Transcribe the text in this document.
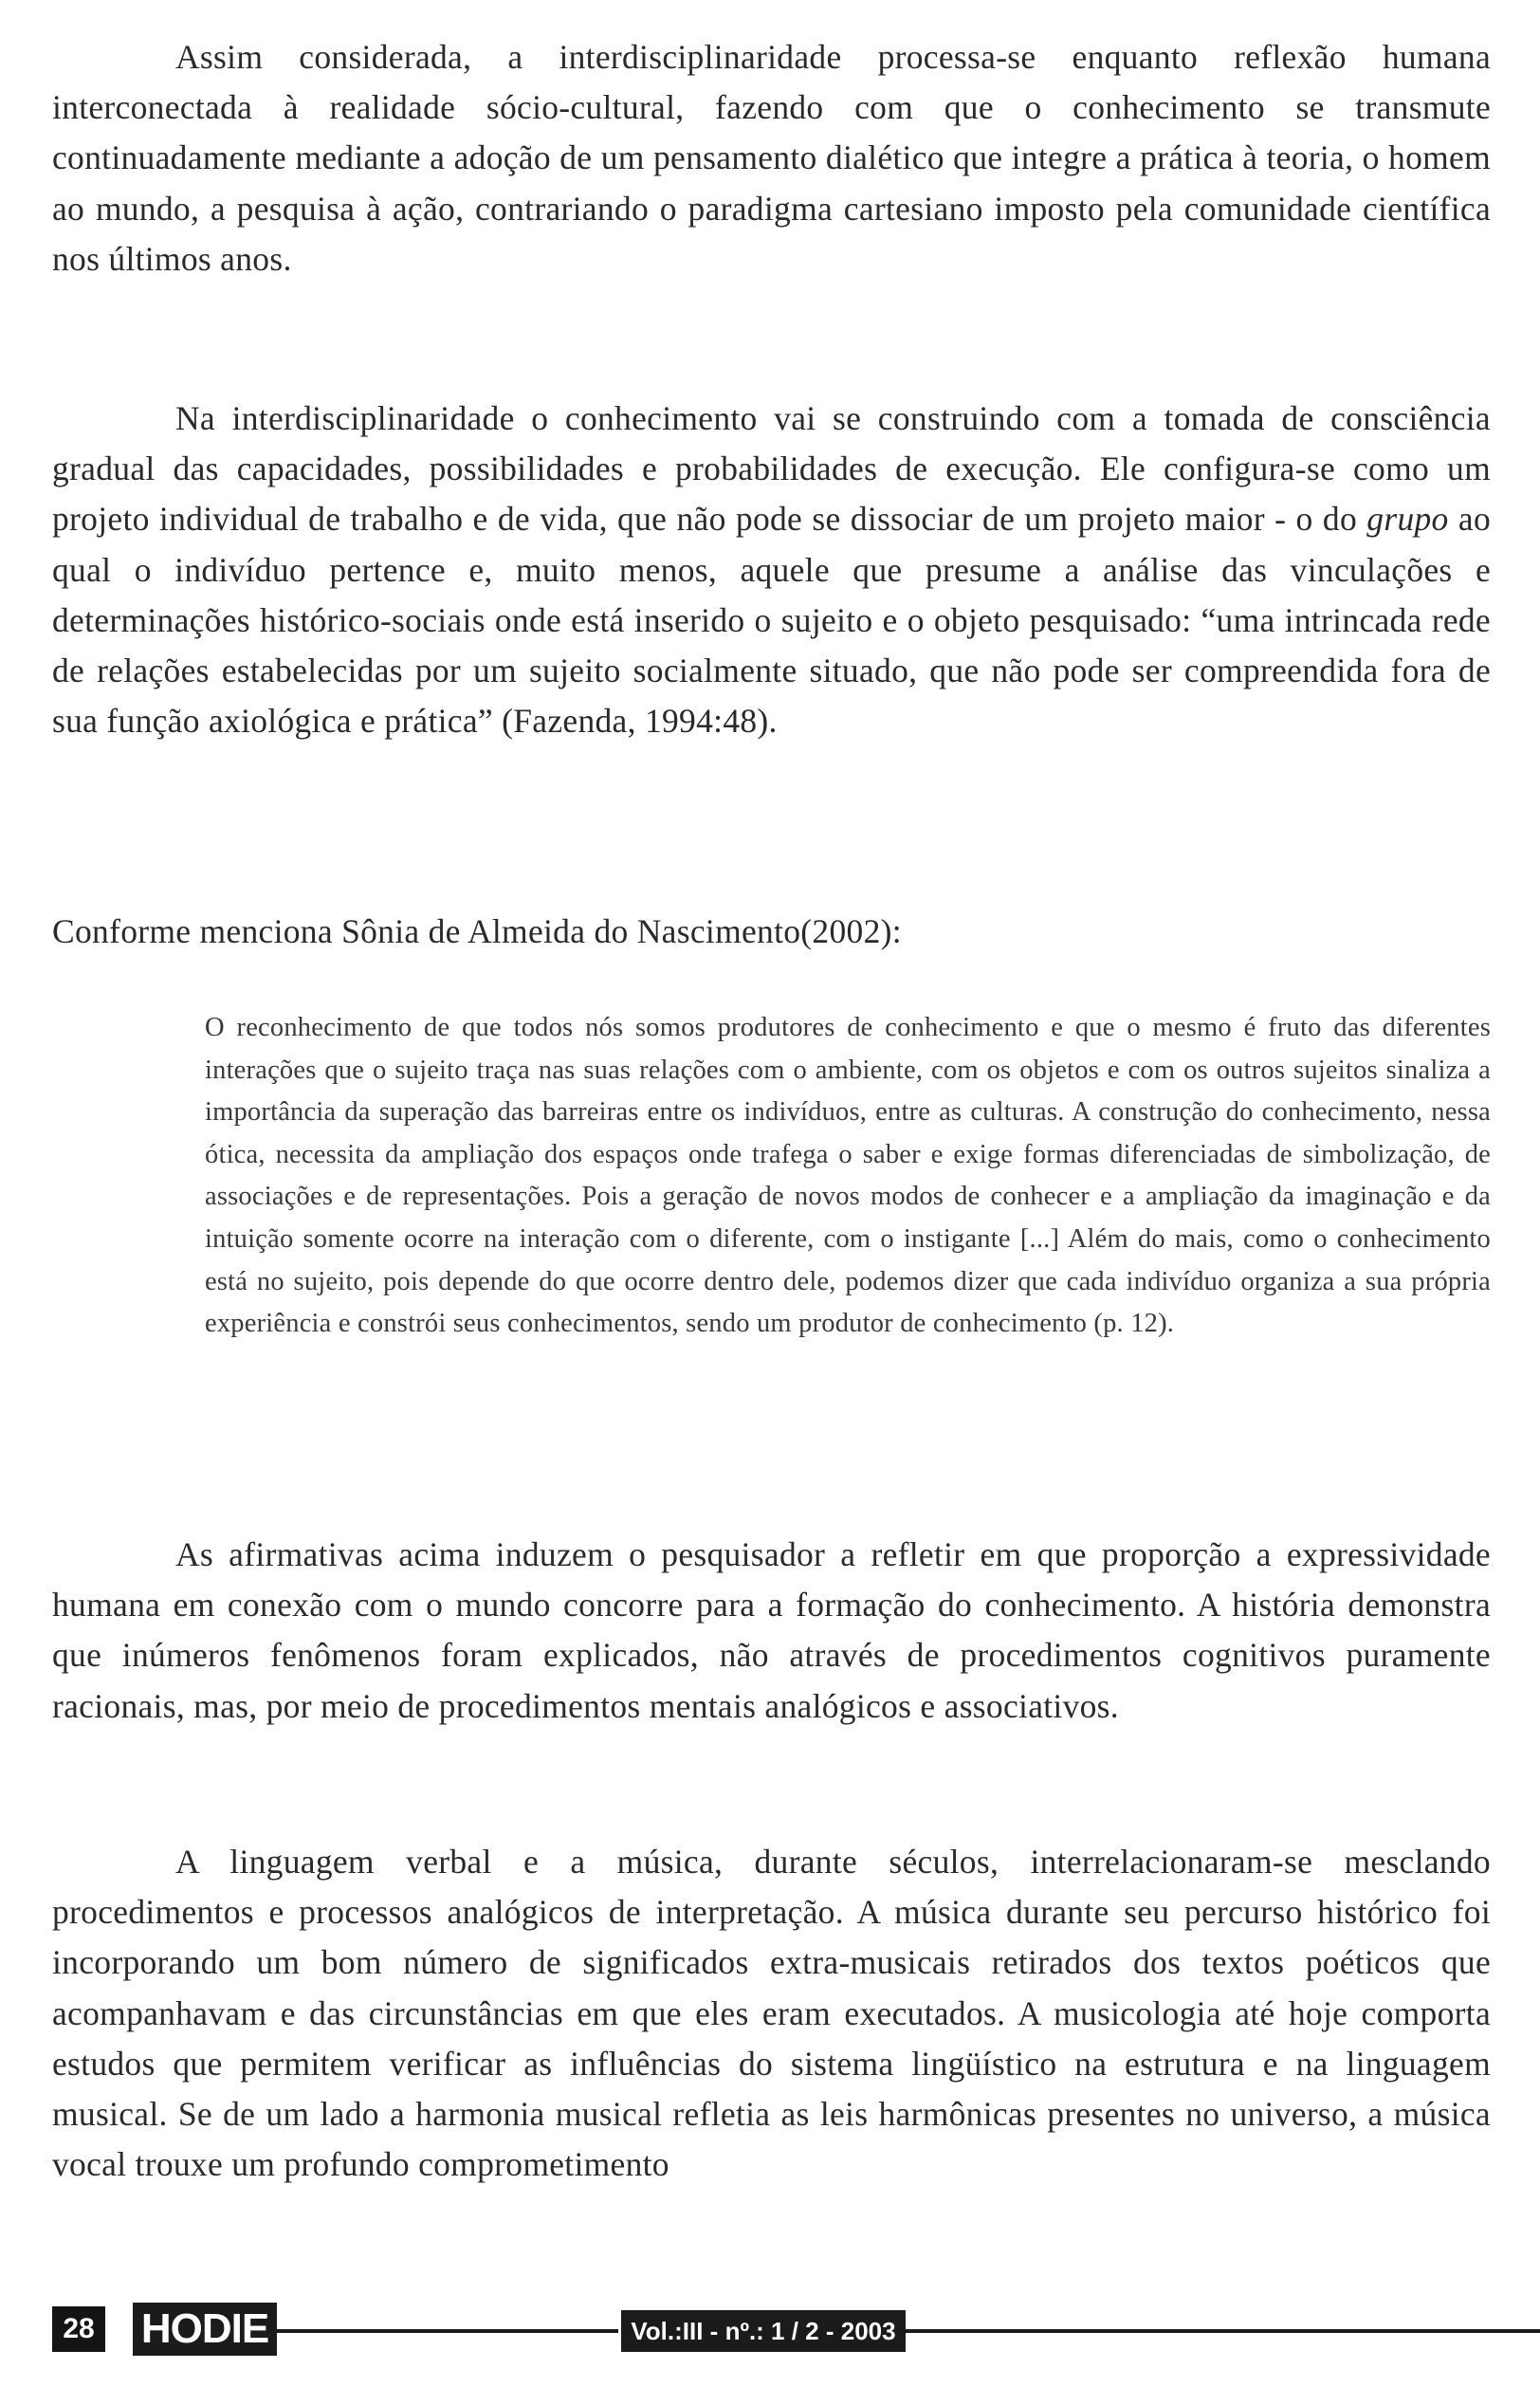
Assim considerada, a interdisciplinaridade processa-se enquanto reflexão humana interconectada à realidade sócio-cultural, fazendo com que o conhecimento se transmute continuadamente mediante a adoção de um pensamento dialético que integre a prática à teoria, o homem ao mundo, a pesquisa à ação, contrariando o paradigma cartesiano imposto pela comunidade científica nos últimos anos.

Na interdisciplinaridade o conhecimento vai se construindo com a tomada de consciência gradual das capacidades, possibilidades e probabilidades de execução. Ele configura-se como um projeto individual de trabalho e de vida, que não pode se dissociar de um projeto maior - o do grupo ao qual o indivíduo pertence e, muito menos, aquele que presume a análise das vinculações e determinações histórico-sociais onde está inserido o sujeito e o objeto pesquisado: “uma intrincada rede de relações estabelecidas por um sujeito socialmente situado, que não pode ser compreendida fora de sua função axiológica e prática” (Fazenda, 1994:48).

Conforme menciona Sônia de Almeida do Nascimento(2002):

O reconhecimento de que todos nós somos produtores de conhecimento e que o mesmo é fruto das diferentes interações que o sujeito traça nas suas relações com o ambiente, com os objetos e com os outros sujeitos sinaliza a importância da superação das barreiras entre os indivíduos, entre as culturas. A construção do conhecimento, nessa ótica, necessita da ampliação dos espaços onde trafega o saber e exige formas diferenciadas de simbolização, de associações e de representações. Pois a geração de novos modos de conhecer e a ampliação da imaginação e da intuição somente ocorre na interação com o diferente, com o instigante [...] Além do mais, como o conhecimento está no sujeito, pois depende do que ocorre dentro dele, podemos dizer que cada indivíduo organiza a sua própria experiência e constrói seus conhecimentos, sendo um produtor de conhecimento (p. 12).

As afirmativas acima induzem o pesquisador a refletir em que proporção a expressividade humana em conexão com o mundo concorre para a formação do conhecimento. A história demonstra que inúmeros fenômenos foram explicados, não através de procedimentos cognitivos puramente racionais, mas, por meio de procedimentos mentais analógicos e associativos.

A linguagem verbal e a música, durante séculos, interrelacionaram-se mesclando procedimentos e processos analógicos de interpretação. A música durante seu percurso histórico foi incorporando um bom número de significados extra-musicais retirados dos textos poéticos que acompanhavam e das circunstâncias em que eles eram executados. A musicologia até hoje comporta estudos que permitem verificar as influências do sistema lingüístico na estrutura e na linguagem musical. Se de um lado a harmonia musical refletia as leis harmônicas presentes no universo, a música vocal trouxe um profundo comprometimento

28 HODIE	Vol.:III - nº.: 1 / 2 - 2003
